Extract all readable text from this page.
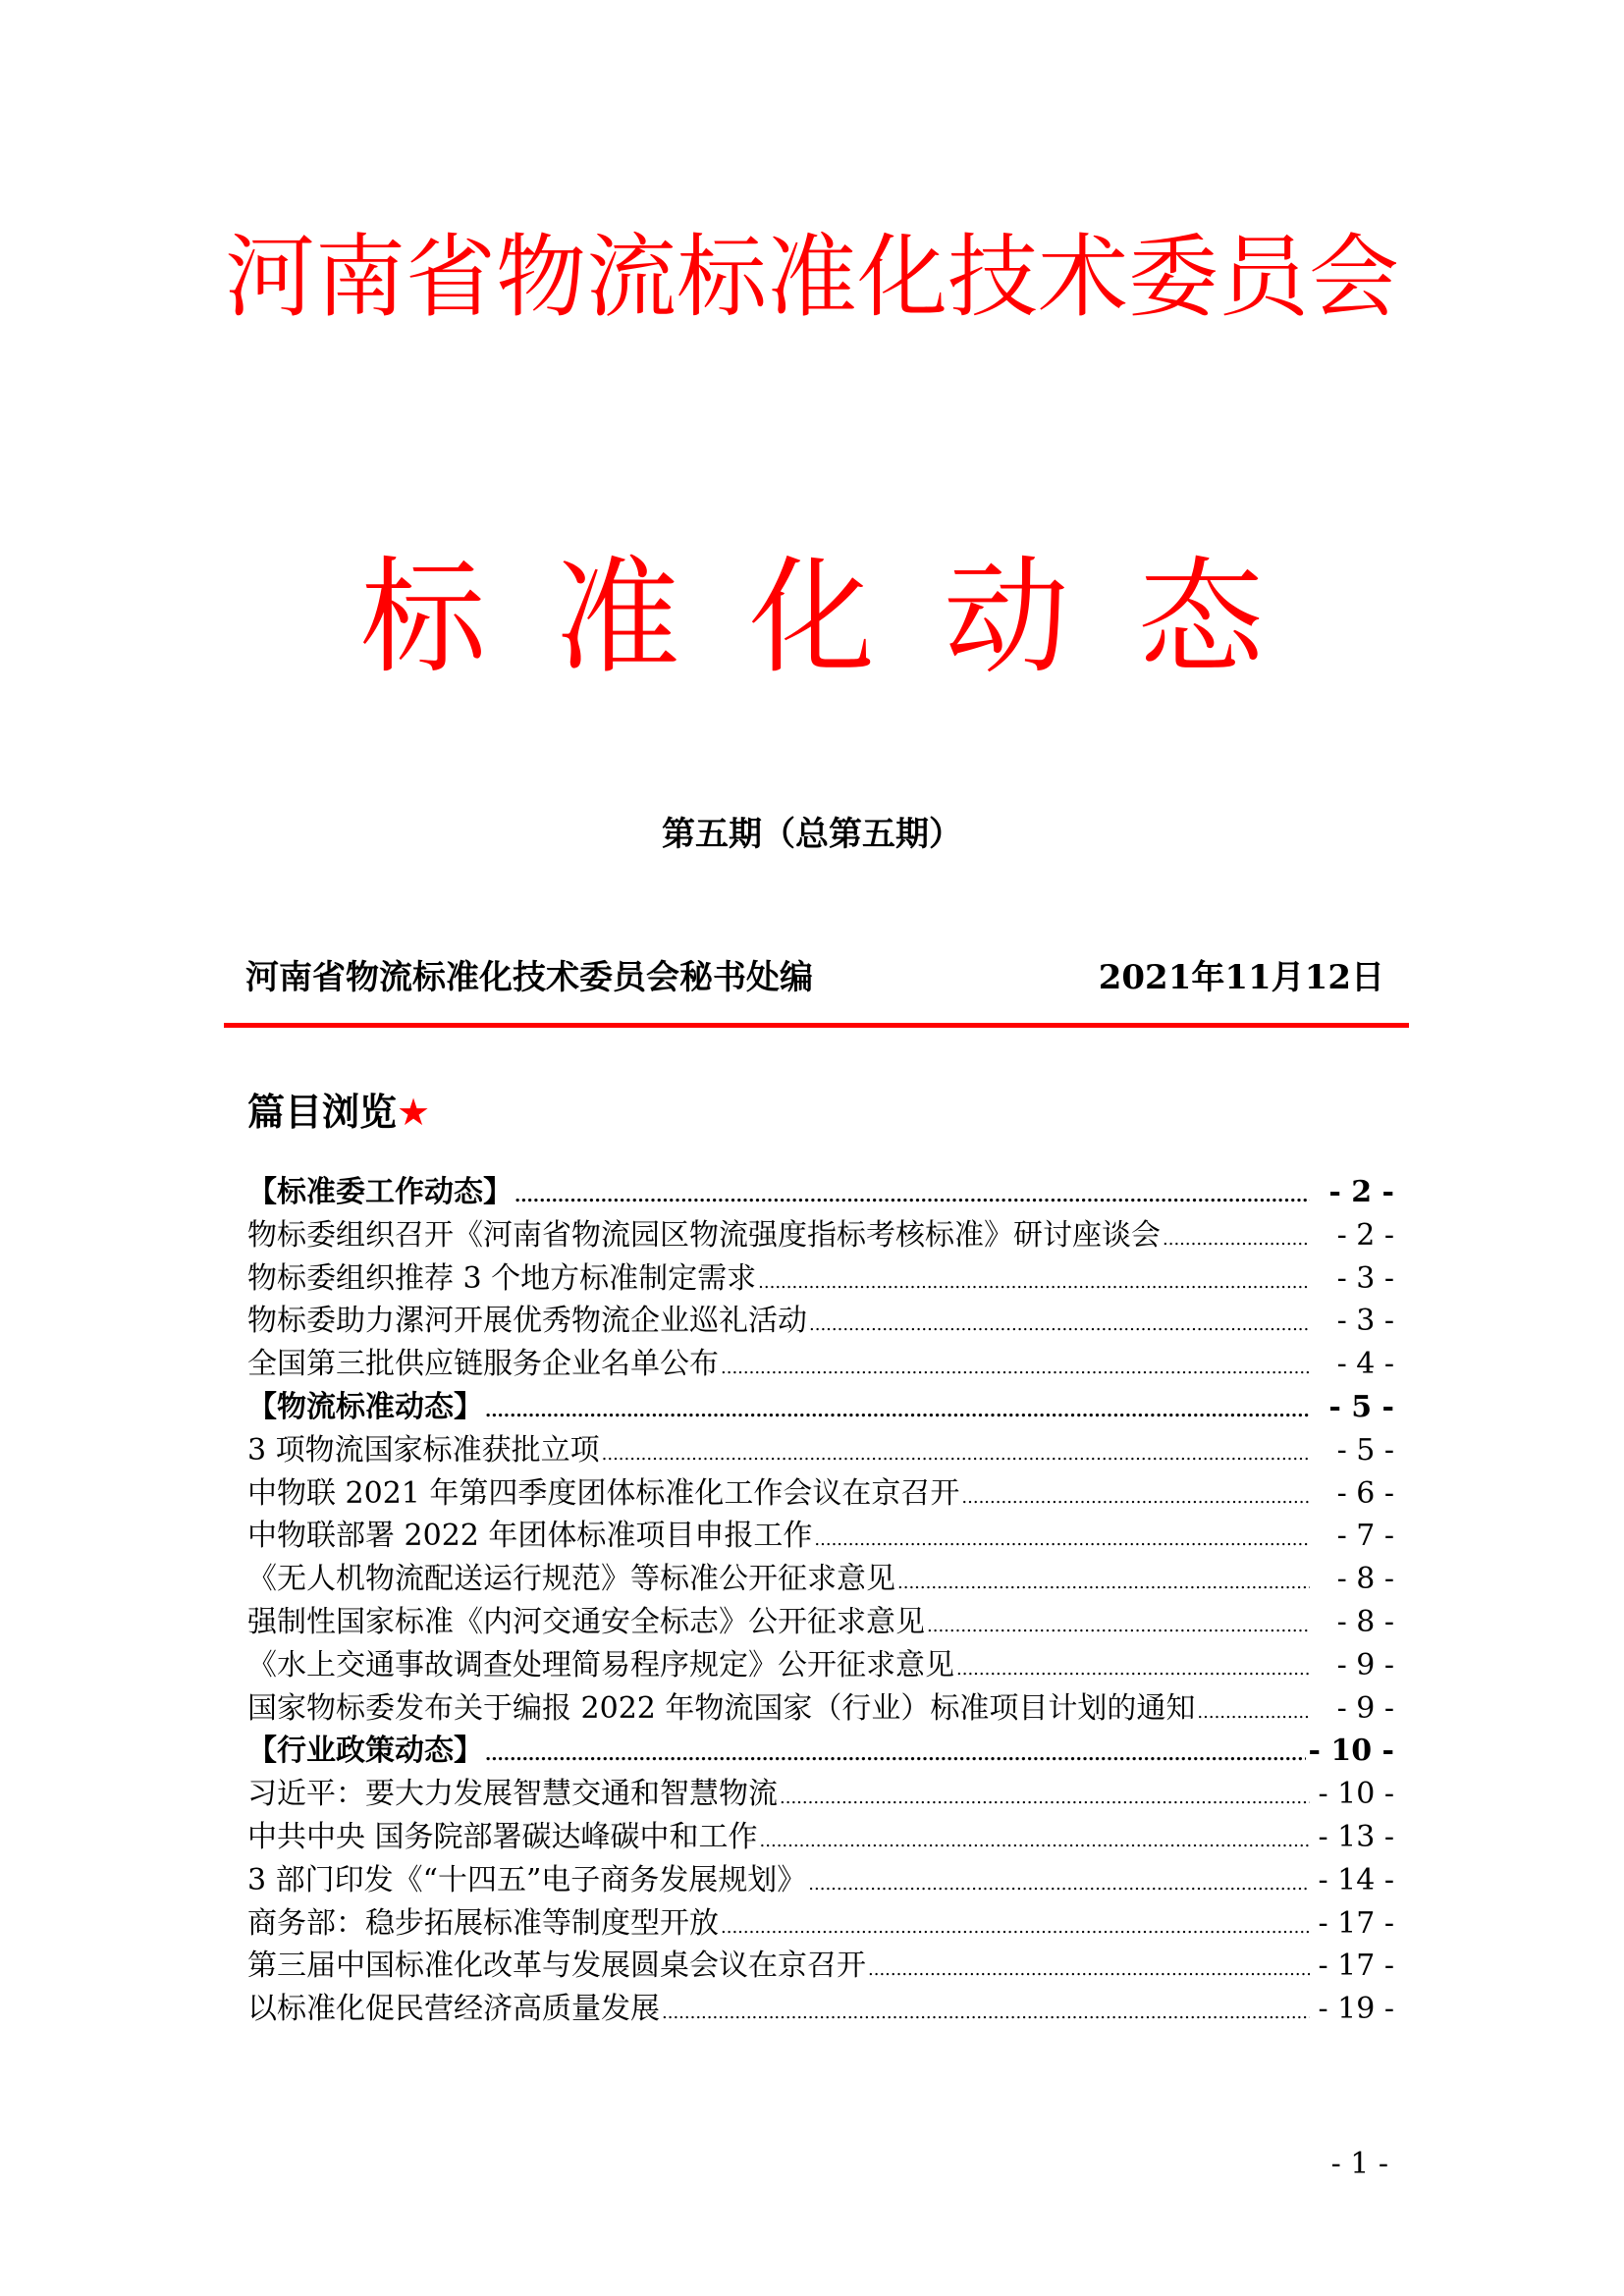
河南省物流标准化技术委员会
标准化动态
第五期（总第五期）
河南省物流标准化技术委员会秘书处编	2021年11月12日
篇目浏览★
【标准委工作动态】 .....	- 2 -
物标委组织召开《河南省物流园区物流强度指标考核标准》研讨座谈会 .....	- 2 -
物标委组织推荐 3 个地方标准制定需求 .....	- 3 -
物标委助力漯河开展优秀物流企业巡礼活动 .....	- 3 -
全国第三批供应链服务企业名单公布 .....	- 4 -
【物流标准动态】 .....	- 5 -
3 项物流国家标准获批立项 .....	- 5 -
中物联 2021 年第四季度团体标准化工作会议在京召开 .....	- 6 -
中物联部署 2022 年团体标准项目申报工作 .....	- 7 -
《无人机物流配送运行规范》等标准公开征求意见 .....	- 8 -
强制性国家标准《内河交通安全标志》公开征求意见 .....	- 8 -
《水上交通事故调查处理简易程序规定》公开征求意见 .....	- 9 -
国家物标委发布关于编报 2022 年物流国家（行业）标准项目计划的通知 .....	- 9 -
【行业政策动态】 .....	- 10 -
习近平：要大力发展智慧交通和智慧物流 .....	- 10 -
中共中央 国务院部署碳达峰碳中和工作 .....	- 13 -
3 部门印发《“十四五”电子商务发展规划》 .....	- 14 -
商务部：稳步拓展标准等制度型开放 .....	- 17 -
第三届中国标准化改革与发展圆桌会议在京召开 .....	- 17 -
以标准化促民营经济高质量发展 .....	- 19 -
- 1 -
